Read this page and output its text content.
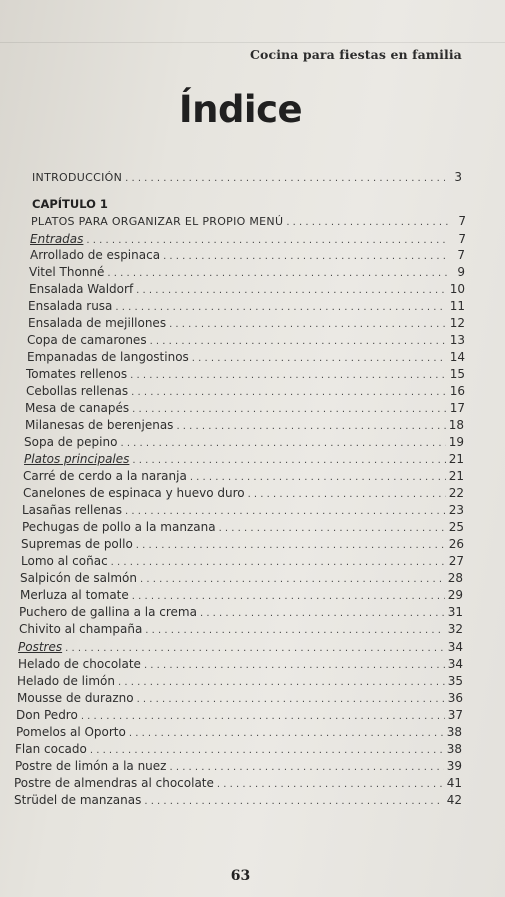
Cocina para fiestas en familia
Índice
CAPÍTULO 1
INTRODUCCIÓN . . .	3
PLATOS PARA ORGANIZAR EL PROPIO MENÚ . . .	7
Entradas . . .	7
Arrollado de espinaca . . .	7
Vitel Thonné . . .	9
Ensalada Waldorf . . .	10
Ensalada rusa . . .	11
Ensalada de mejillones . . .	12
Copa de camarones . . .	13
Empanadas de langostinos . . .	14
Tomates rellenos . . .	15
Cebollas rellenas . . .	16
Mesa de canapés . . .	17
Milanesas de berenjenas . . .	18
Sopa de pepino . . .	19
Platos principales . . .	21
Carré de cerdo a la naranja . . .	21
Canelones de espinaca y huevo duro . . .	22
Lasañas rellenas . . .	23
Pechugas de pollo a la manzana . . .	25
Supremas de pollo . . .	26
Lomo al coñac . . .	27
Salpicón de salmón . . .	28
Merluza al tomate . . .	29
Puchero de gallina a la crema . . .	31
Chivito al champaña . . .	32
Postres . . .	34
Helado de chocolate . . .	34
Helado de limón . . .	35
Mousse de durazno . . .	36
Don Pedro . . .	37
Pomelos al Oporto . . .	38
Flan cocado . . .	38
Postre de limón a la nuez . . .	39
Postre de almendras al chocolate . . .	41
Strüdel de manzanas . . .	42
63
